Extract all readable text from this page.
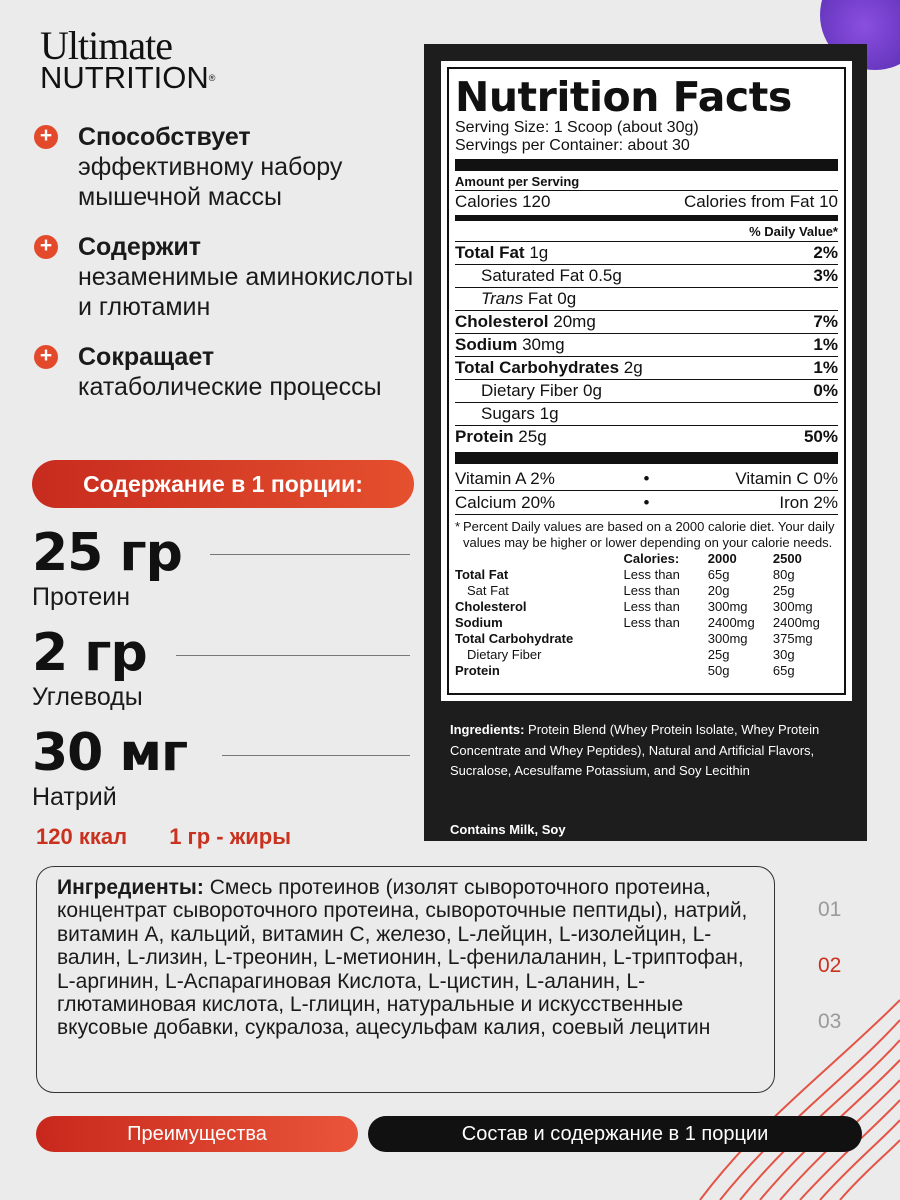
Ultimate
NUTRITION®
+ Способствует
эффективному набору мышечной массы
+ Содержит
незаменимые аминокислоты и глютамин
+ Сокращает
катаболические процессы
Содержание в 1 порции:
25 гр
Протеин
2 гр
Углеводы
30 мг
Натрий
120 ккал 1 гр - жиры
Nutrition Facts
Serving Size: 1 Scoop (about 30g)
Servings per Container: about 30
Amount per Serving
Calories 120	Calories from Fat 10
% Daily Value*
Total Fat 1g	2%
Saturated Fat 0.5g	3%
Trans Fat 0g
Cholesterol 20mg	7%
Sodium 30mg	1%
Total Carbohydrates 2g	1%
Dietary Fiber 0g	0%
Sugars 1g
Protein 25g	50%
Vitamin A 2%	•	Vitamin C 0%
Calcium 20%	•	Iron 2%
* Percent Daily values are based on a 2000 calorie diet. Your daily values may be higher or lower depending on your calorie needs.
	Calories:	2000	2500
Total Fat	Less than	65g	80g
Sat Fat	Less than	20g	25g
Cholesterol	Less than	300mg	300mg
Sodium	Less than	2400mg	2400mg
Total Carbohydrate		300mg	375mg
Dietary Fiber		25g	30g
Protein		50g	65g
Ingredients: Protein Blend (Whey Protein Isolate, Whey Protein Concentrate and Whey Peptides), Natural and Artificial Flavors, Sucralose, Acesulfame Potassium, and Soy Lecithin
Contains Milk, Soy
Ингредиенты: Смесь протеинов (изолят сывороточного протеина, концентрат сывороточного протеина, сывороточные пептиды), натрий, витамин А, кальций, витамин С, железо, L-лейцин, L-изолейцин, L-валин, L-лизин, L-треонин, L-метионин, L-фенилаланин, L-триптофан, L-аргинин, L-Аспарагиновая Кислота, L-цистин, L-аланин, L-глютаминовая кислота, L-глицин, натуральные и искусственные вкусовые добавки, сукралоза, ацесульфам калия, соевый лецитин
01
02
03
Преимущества	Состав и содержание в 1 порции
